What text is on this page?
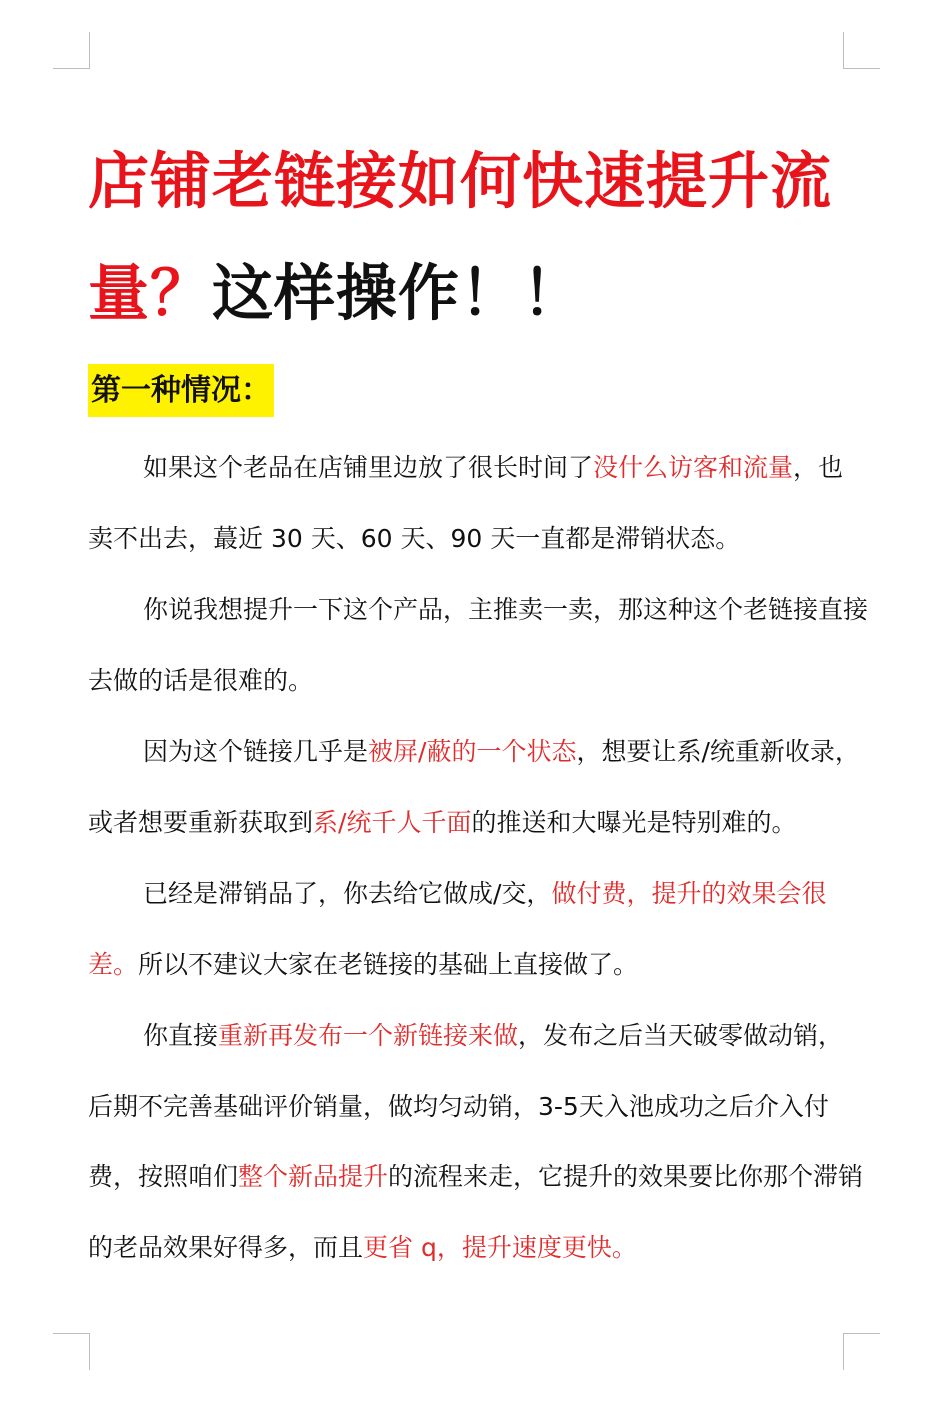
店铺老链接如何快速提升流量？这样操作！！
第一种情况：

如果这个老品在店铺里边放了很长时间了没什么访客和流量，也卖不出去，蕞近 30 天、60 天、90 天一直都是滞销状态。

你说我想提升一下这个产品，主推卖一卖，那这种这个老链接直接去做的话是很难的。

因为这个链接几乎是被屏/蔽的一个状态，想要让系/统重新收录，或者想要重新获取到系/统千人千面的推送和大曝光是特别难的。

已经是滞销品了，你去给它做成/交，做付费，提升的效果会很差。所以不建议大家在老链接的基础上直接做了。

你直接重新再发布一个新链接来做，发布之后当天破零做动销，后期不完善基础评价销量，做均匀动销，3-5天入池成功之后介入付费，按照咱们整个新品提升的流程来走，它提升的效果要比你那个滞销的老品效果好得多，而且更省 q，提升速度更快。
